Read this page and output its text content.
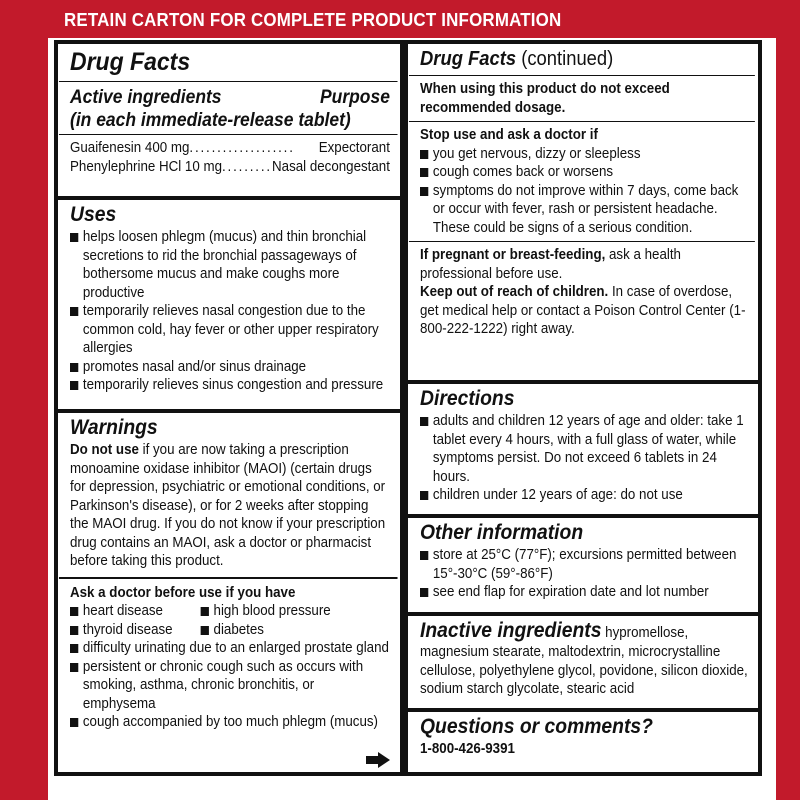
RETAIN CARTON FOR COMPLETE PRODUCT INFORMATION
Drug Facts
Active ingredients	Purpose
(in each immediate-release tablet)
Guaifenesin 400 mg ...................	Expectorant
Phenylephrine HCl 10 mg ......... Nasal decongestant
Uses
helps loosen phlegm (mucus) and thin bronchial secretions to rid the bronchial passageways of bothersome mucus and make coughs more productive
temporarily relieves nasal congestion due to the common cold, hay fever or other upper respiratory allergies
promotes nasal and/or sinus drainage
temporarily relieves sinus congestion and pressure
Warnings
Do not use if you are now taking a prescription monoamine oxidase inhibitor (MAOI) (certain drugs for depression, psychiatric or emotional conditions, or Parkinson's disease), or for 2 weeks after stopping the MAOI drug. If you do not know if your prescription drug contains an MAOI, ask a doctor or pharmacist before taking this product.
Ask a doctor before use if you have
heart disease	high blood pressure
thyroid disease	diabetes
difficulty urinating due to an enlarged prostate gland
persistent or chronic cough such as occurs with smoking, asthma, chronic bronchitis, or emphysema
cough accompanied by too much phlegm (mucus)
Drug Facts (continued)
When using this product do not exceed recommended dosage.
Stop use and ask a doctor if
you get nervous, dizzy or sleepless
cough comes back or worsens
symptoms do not improve within 7 days, come back or occur with fever, rash or persistent headache. These could be signs of a serious condition.
If pregnant or breast-feeding, ask a health professional before use.
Keep out of reach of children. In case of overdose, get medical help or contact a Poison Control Center (1-800-222-1222) right away.
Directions
adults and children 12 years of age and older: take 1 tablet every 4 hours, with a full glass of water, while symptoms persist. Do not exceed 6 tablets in 24 hours.
children under 12 years of age: do not use
Other information
store at 25°C (77°F); excursions permitted between 15°-30°C (59°-86°F)
see end flap for expiration date and lot number
Inactive ingredients hypromellose, magnesium stearate, maltodextrin, microcrystalline cellulose, polyethylene glycol, povidone, silicon dioxide, sodium starch glycolate, stearic acid
Questions or comments?
1-800-426-9391
